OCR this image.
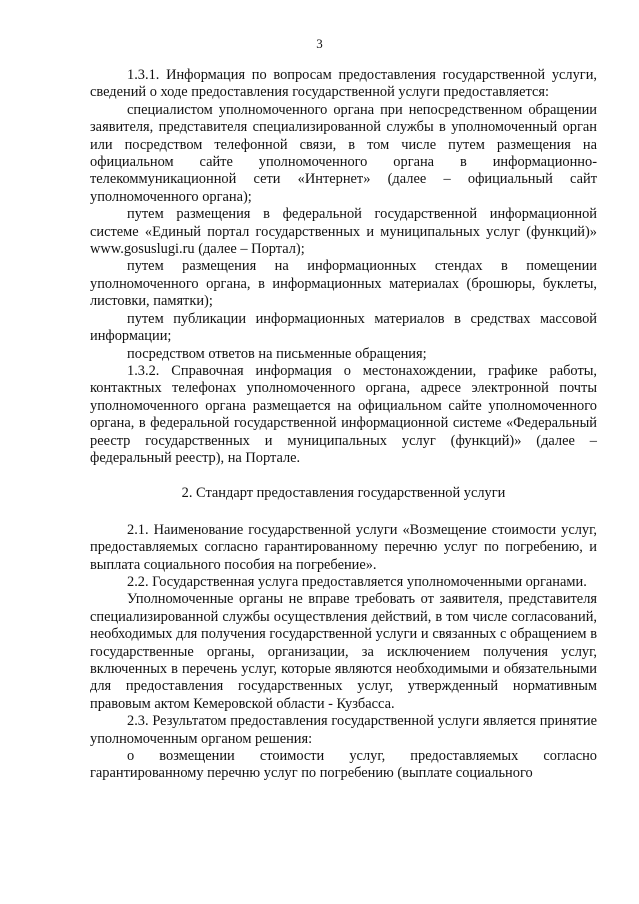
3

1.3.1. Информация по вопросам предоставления государственной услуги, сведений о ходе предоставления государственной услуги предоставляется:

специалистом уполномоченного органа при непосредственном обращении заявителя, представителя специализированной службы в уполномоченный орган или посредством телефонной связи, в том числе путем размещения на официальном сайте уполномоченного органа в информационно-телекоммуникационной сети «Интернет» (далее – официальный сайт уполномоченного органа);

путем размещения в федеральной государственной информационной системе «Единый портал государственных и муниципальных услуг (функций)» www.gosuslugi.ru (далее – Портал);

путем размещения на информационных стендах в помещении уполномоченного органа, в информационных материалах (брошюры, буклеты, листовки, памятки);

путем публикации информационных материалов в средствах массовой информации;

посредством ответов на письменные обращения;

1.3.2. Справочная информация о местонахождении, графике работы, контактных телефонах уполномоченного органа, адресе электронной почты уполномоченного органа размещается на официальном сайте уполномоченного органа, в федеральной государственной информационной системе «Федеральный реестр государственных и муниципальных услуг (функций)» (далее – федеральный реестр), на Портале.

2. Стандарт предоставления государственной услуги

2.1. Наименование государственной услуги «Возмещение стоимости услуг, предоставляемых согласно гарантированному перечню услуг по погребению, и выплата социального пособия на погребение».

2.2. Государственная услуга предоставляется уполномоченными органами.

Уполномоченные органы не вправе требовать от заявителя, представителя специализированной службы осуществления действий, в том числе согласований, необходимых для получения государственной услуги и связанных с обращением в государственные органы, организации, за исключением получения услуг, включенных в перечень услуг, которые являются необходимыми и обязательными для предоставления государственных услуг, утвержденный нормативным правовым актом Кемеровской области - Кузбасса.

2.3. Результатом предоставления государственной услуги является принятие уполномоченным органом решения:

о возмещении стоимости услуг, предоставляемых согласно гарантированному перечню услуг по погребению (выплате социального
